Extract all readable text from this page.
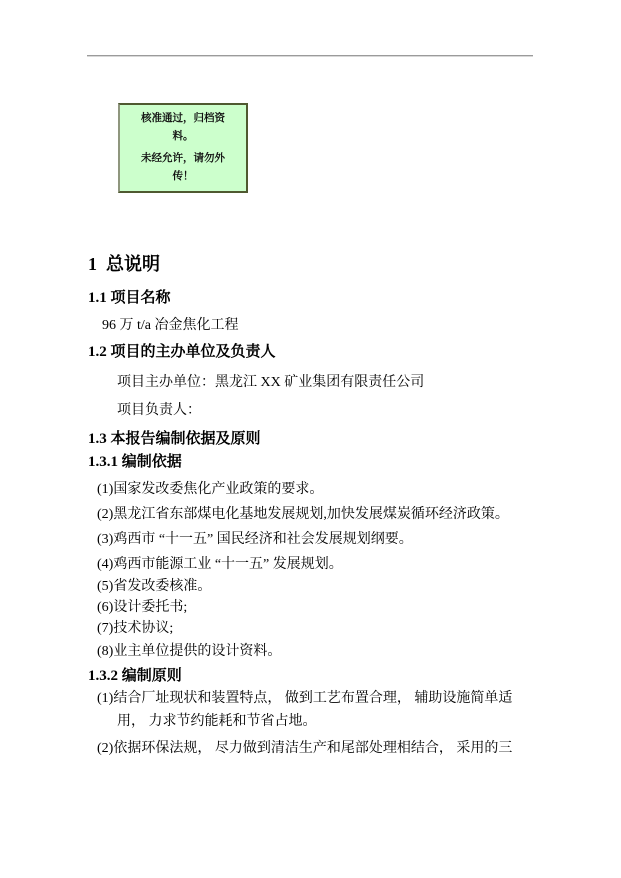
核准通过，归档资料。
未经允许，请勿外传！
1  总说明
1.1 项目名称
96 万 t/a 冶金焦化工程
1.2 项目的主办单位及负责人
项目主办单位：黑龙江 XX 矿业集团有限责任公司
项目负责人：
1.3 本报告编制依据及原则
1.3.1 编制依据
(1)国家发改委焦化产业政策的要求。
(2)黑龙江省东部煤电化基地发展规划,加快发展煤炭循环经济政策。
(3)鸡西市 “十一五” 国民经济和社会发展规划纲要。
(4)鸡西市能源工业 “十一五” 发展规划。
(5)省发改委核准。
(6)设计委托书;
(7)技术协议;
(8)业主单位提供的设计资料。
1.3.2 编制原则
(1)结合厂址现状和装置特点， 做到工艺布置合理， 辅助设施简单适用， 力求节约能耗和节省占地。
(2)依据环保法规， 尽力做到清洁生产和尾部处理相结合， 采用的三
